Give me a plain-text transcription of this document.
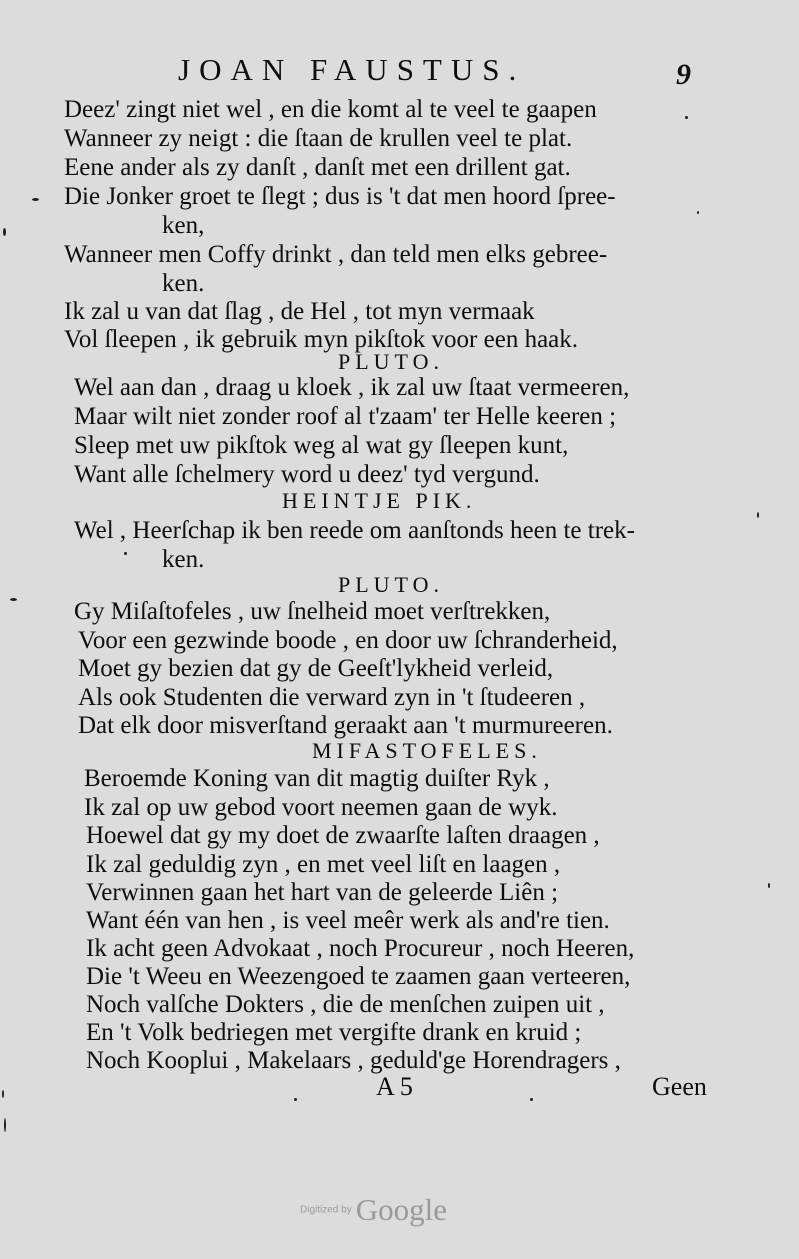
JOAN FAUSTUS.	9
Deez' zingt niet wel , en die komt al te veel te gaapen
Wanneer zy neigt : die ſtaan de krullen veel te plat.
Eene ander als zy danſt , danſt met een drillent gat.
Die Jonker groet te ſlegt ; dus is 't dat men hoord ſpree-
ken,
Wanneer men Coffy drinkt , dan teld men elks gebree-
ken.
Ik zal u van dat ſlag , de Hel , tot myn vermaak
Vol ſleepen , ik gebruik myn pikſtok voor een haak.
PLUTO.
Wel aan dan , draag u kloek , ik zal uw ſtaat vermeeren,
Maar wilt niet zonder roof al t'zaam' ter Helle keeren ;
Sleep met uw pikſtok weg al wat gy ſleepen kunt,
Want alle ſchelmery word u deez' tyd vergund.
HEINTJE PIK.
Wel , Heerſchap ik ben reede om aanſtonds heen te trek-
ken.
PLUTO.
Gy Miſaſtofeles , uw ſnelheid moet verſtrekken,
Voor een gezwinde boode , en door uw ſchranderheid,
Moet gy bezien dat gy de Geeſt'lykheid verleid,
Als ook Studenten die verward zyn in 't ſtudeeren ,
Dat elk door misverſtand geraakt aan 't murmureeren.
MIFASTOFELES.
Beroemde Koning van dit magtig duiſter Ryk ,
Ik zal op uw gebod voort neemen gaan de wyk.
Hoewel dat gy my doet de zwaarſte laſten draagen ,
Ik zal geduldig zyn , en met veel liſt en laagen ,
Verwinnen gaan het hart van de geleerde Liên ;
Want één van hen , is veel meêr werk als and're tien.
Ik acht geen Advokaat , noch Procureur , noch Heeren,
Die 't Weeu en Weezengoed te zaamen gaan verteeren,
Noch valſche Dokters , die de menſchen zuipen uit ,
En 't Volk bedriegen met vergifte drank en kruid ;
Noch Kooplui , Makelaars , geduld'ge Horendragers ,
A 5	Geen
Digitized by Google
